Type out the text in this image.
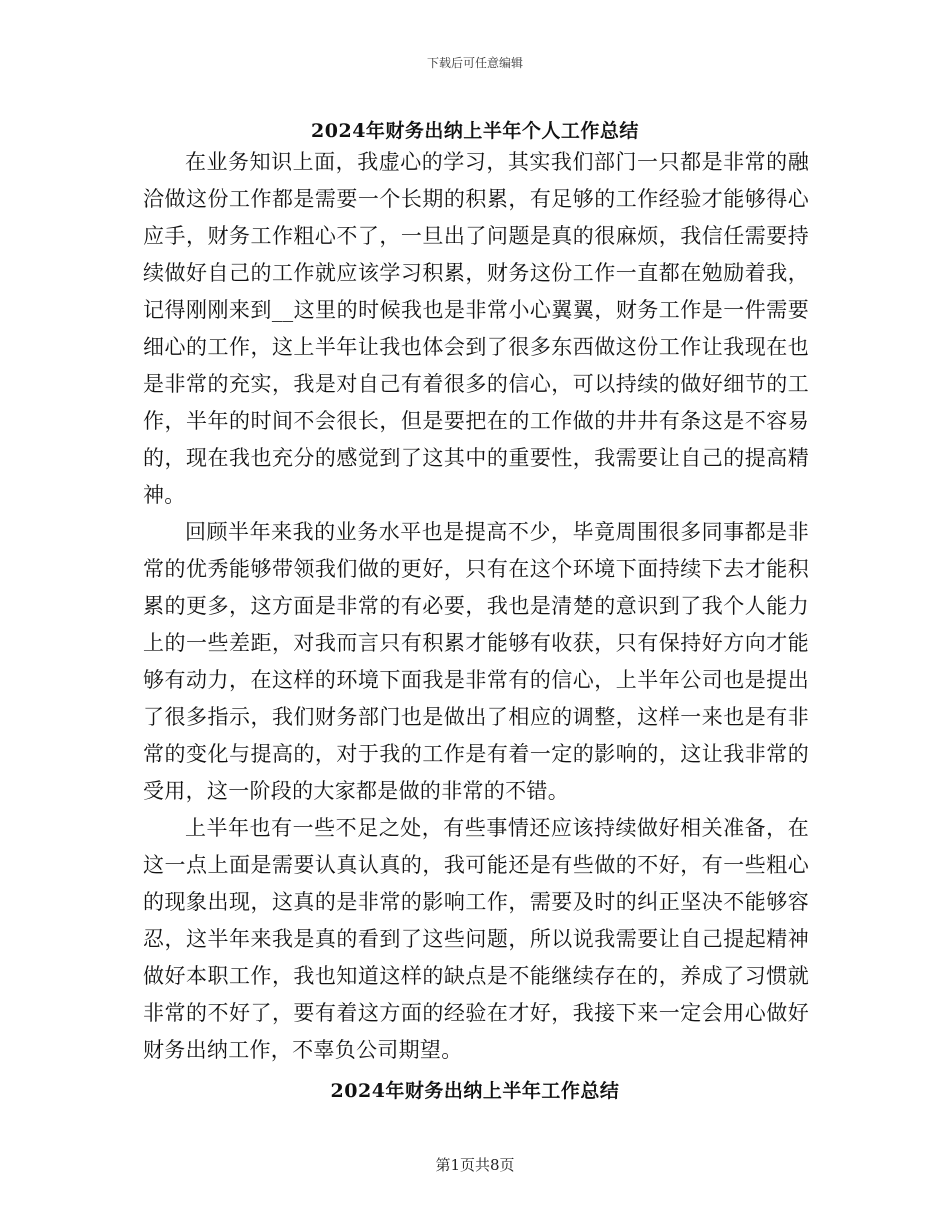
下载后可任意编辑
2024年财务出纳上半年个人工作总结

在业务知识上面，我虚心的学习，其实我们部门一只都是非常的融洽做这份工作都是需要一个长期的积累，有足够的工作经验才能够得心应手，财务工作粗心不了，一旦出了问题是真的很麻烦，我信任需要持续做好自己的工作就应该学习积累，财务这份工作一直都在勉励着我，记得刚刚来到__这里的时候我也是非常小心翼翼，财务工作是一件需要细心的工作，这上半年让我也体会到了很多东西做这份工作让我现在也是非常的充实，我是对自己有着很多的信心，可以持续的做好细节的工作，半年的时间不会很长，但是要把在的工作做的井井有条这是不容易的，现在我也充分的感觉到了这其中的重要性，我需要让自己的提高精神。

回顾半年来我的业务水平也是提高不少，毕竟周围很多同事都是非常的优秀能够带领我们做的更好，只有在这个环境下面持续下去才能积累的更多，这方面是非常的有必要，我也是清楚的意识到了我个人能力上的一些差距，对我而言只有积累才能够有收获，只有保持好方向才能够有动力，在这样的环境下面我是非常有的信心，上半年公司也是提出了很多指示，我们财务部门也是做出了相应的调整，这样一来也是有非常的变化与提高的，对于我的工作是有着一定的影响的，这让我非常的受用，这一阶段的大家都是做的非常的不错。

上半年也有一些不足之处，有些事情还应该持续做好相关准备，在这一点上面是需要认真认真的，我可能还是有些做的不好，有一些粗心的现象出现，这真的是非常的影响工作，需要及时的纠正坚决不能够容忍，这半年来我是真的看到了这些问题，所以说我需要让自己提起精神做好本职工作，我也知道这样的缺点是不能继续存在的，养成了习惯就非常的不好了，要有着这方面的经验在才好，我接下来一定会用心做好财务出纳工作，不辜负公司期望。

2024年财务出纳上半年工作总结
第1页共8页
